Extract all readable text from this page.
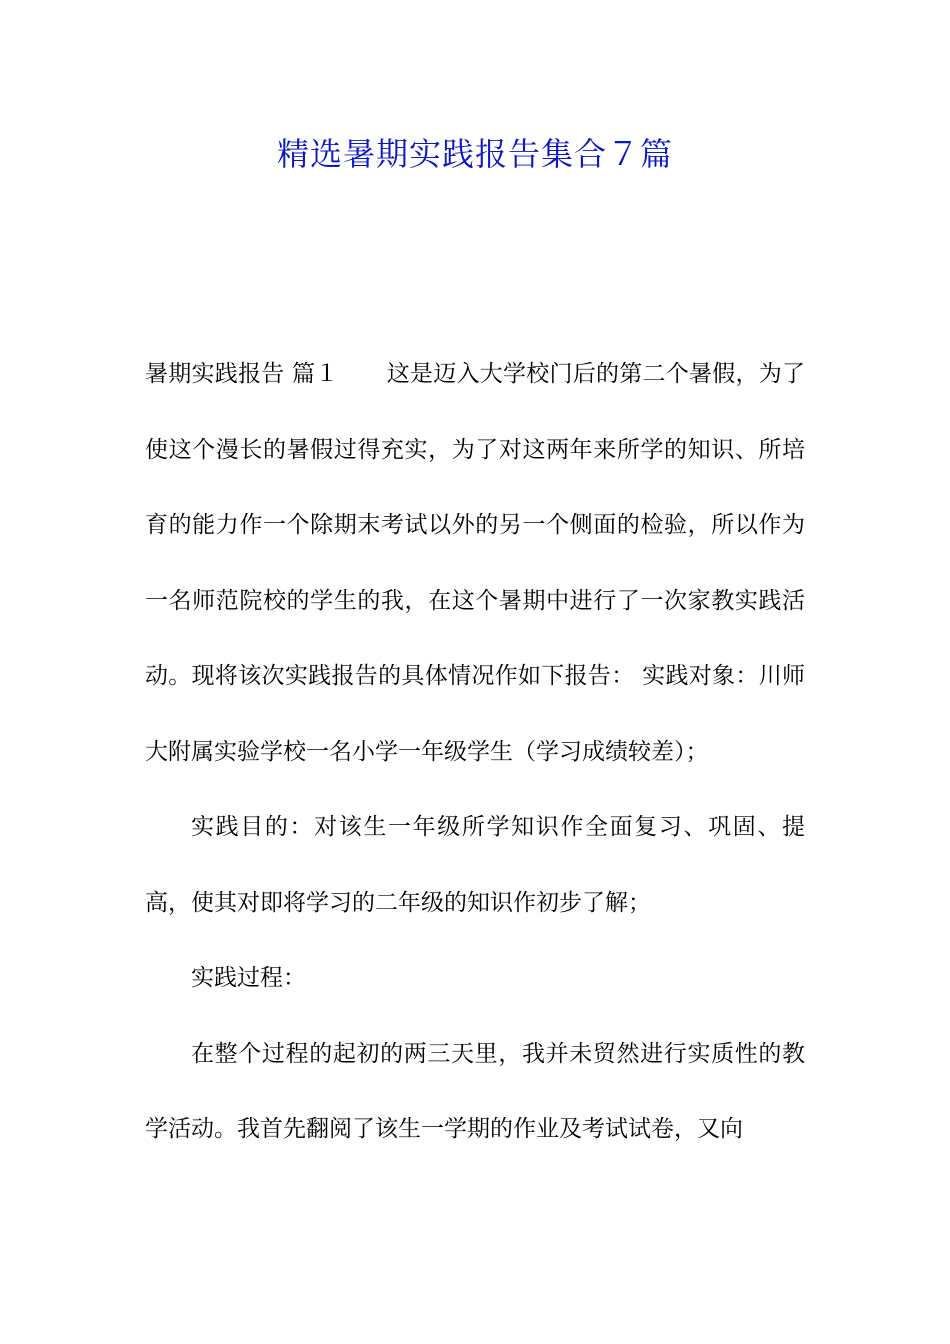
精选暑期实践报告集合７篇

暑期实践报告 篇１ 这是迈入大学校门后的第二个暑假，为了使这个漫长的暑假过得充实，为了对这两年来所学的知识、所培育的能力作一个除期末考试以外的另一个侧面的检验，所以作为一名师范院校的学生的我，在这个暑期中进行了一次家教实践活动。现将该次实践报告的具体情况作如下报告： 实践对象：川师大附属实验学校一名小学一年级学生（学习成绩较差）；

实践目的：对该生一年级所学知识作全面复习、巩固、提高，使其对即将学习的二年级的知识作初步了解；

实践过程：

在整个过程的起初的两三天里，我并未贸然进行实质性的教学活动。我首先翻阅了该生一学期的作业及考试试卷，又向
